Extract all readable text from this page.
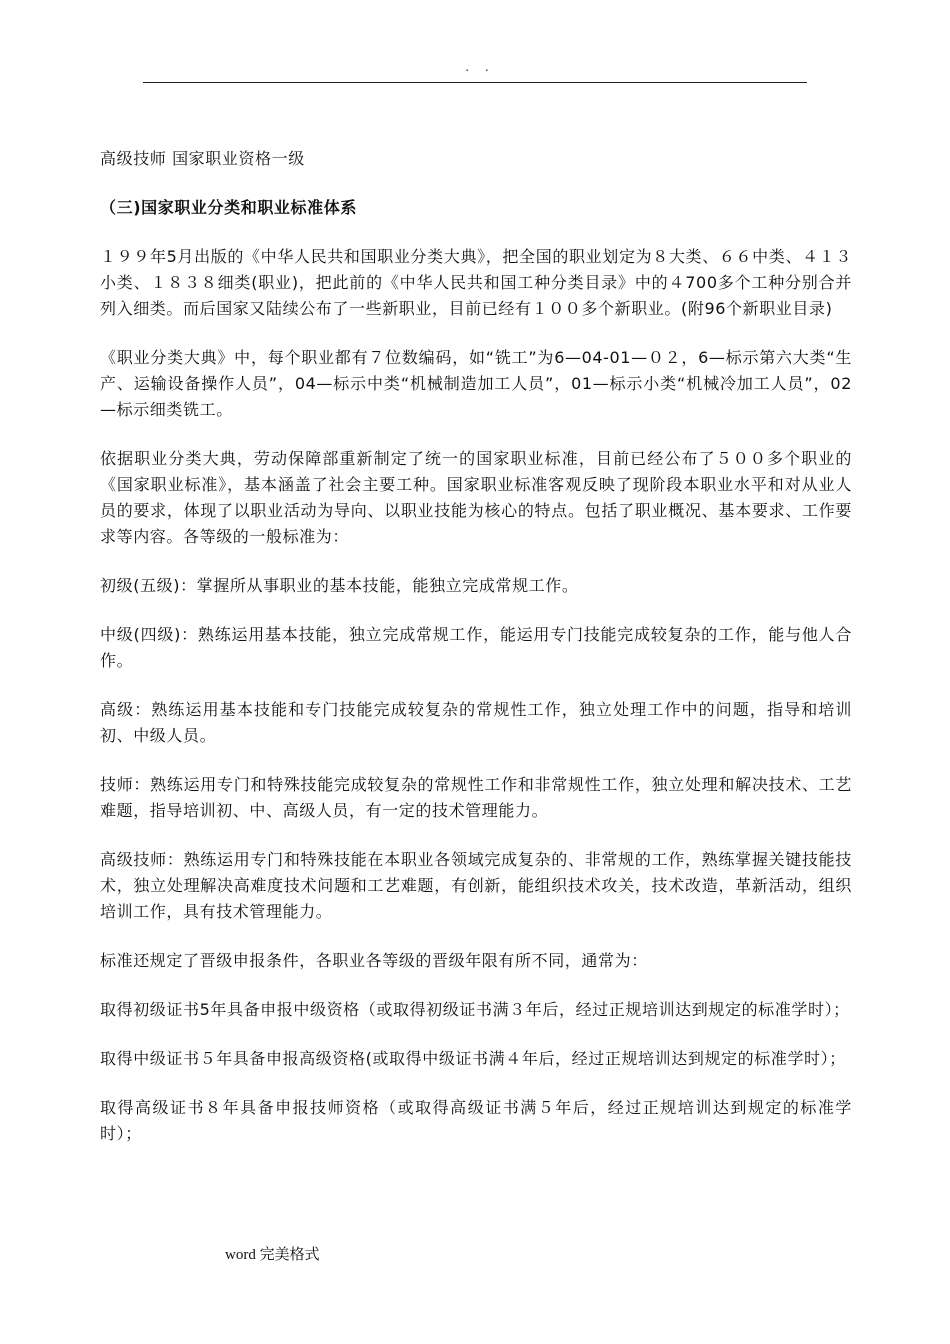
. .

高级技师 国家职业资格一级

（三)国家职业分类和职业标准体系

１９９年5月出版的《中华人民共和国职业分类大典》，把全国的职业划定为８大类、６６中类、４１３小类、１８３８细类(职业)，把此前的《中华人民共和国工种分类目录》中的４700多个工种分别合并列入细类。而后国家又陆续公布了一些新职业，目前已经有１００多个新职业。(附96个新职业目录)

《职业分类大典》中，每个职业都有７位数编码，如“铣工”为6—04-01—０２，6—标示第六大类“生产、运输设备操作人员”，04—标示中类“机械制造加工人员”，01—标示小类“机械冷加工人员”，02—标示细类铣工。

依据职业分类大典，劳动保障部重新制定了统一的国家职业标准，目前已经公布了５００多个职业的《国家职业标准》，基本涵盖了社会主要工种。国家职业标准客观反映了现阶段本职业水平和对从业人员的要求，体现了以职业活动为导向、以职业技能为核心的特点。包括了职业概况、基本要求、工作要求等内容。各等级的一般标准为：

初级(五级)：掌握所从事职业的基本技能，能独立完成常规工作。

中级(四级)：熟练运用基本技能，独立完成常规工作，能运用专门技能完成较复杂的工作，能与他人合作。

高级：熟练运用基本技能和专门技能完成较复杂的常规性工作，独立处理工作中的问题，指导和培训初、中级人员。

技师：熟练运用专门和特殊技能完成较复杂的常规性工作和非常规性工作，独立处理和解决技术、工艺难题，指导培训初、中、高级人员，有一定的技术管理能力。

高级技师：熟练运用专门和特殊技能在本职业各领域完成复杂的、非常规的工作，熟练掌握关键技能技术，独立处理解决高难度技术问题和工艺难题，有创新，能组织技术攻关，技术改造，革新活动，组织培训工作，具有技术管理能力。

标准还规定了晋级申报条件，各职业各等级的晋级年限有所不同，通常为：

取得初级证书5年具备申报中级资格（或取得初级证书满３年后，经过正规培训达到规定的标准学时）；

取得中级证书５年具备申报高级资格(或取得中级证书满４年后，经过正规培训达到规定的标准学时）；

取得高级证书８年具备申报技师资格（或取得高级证书满５年后，经过正规培训达到规定的标准学时）；

word 完美格式
